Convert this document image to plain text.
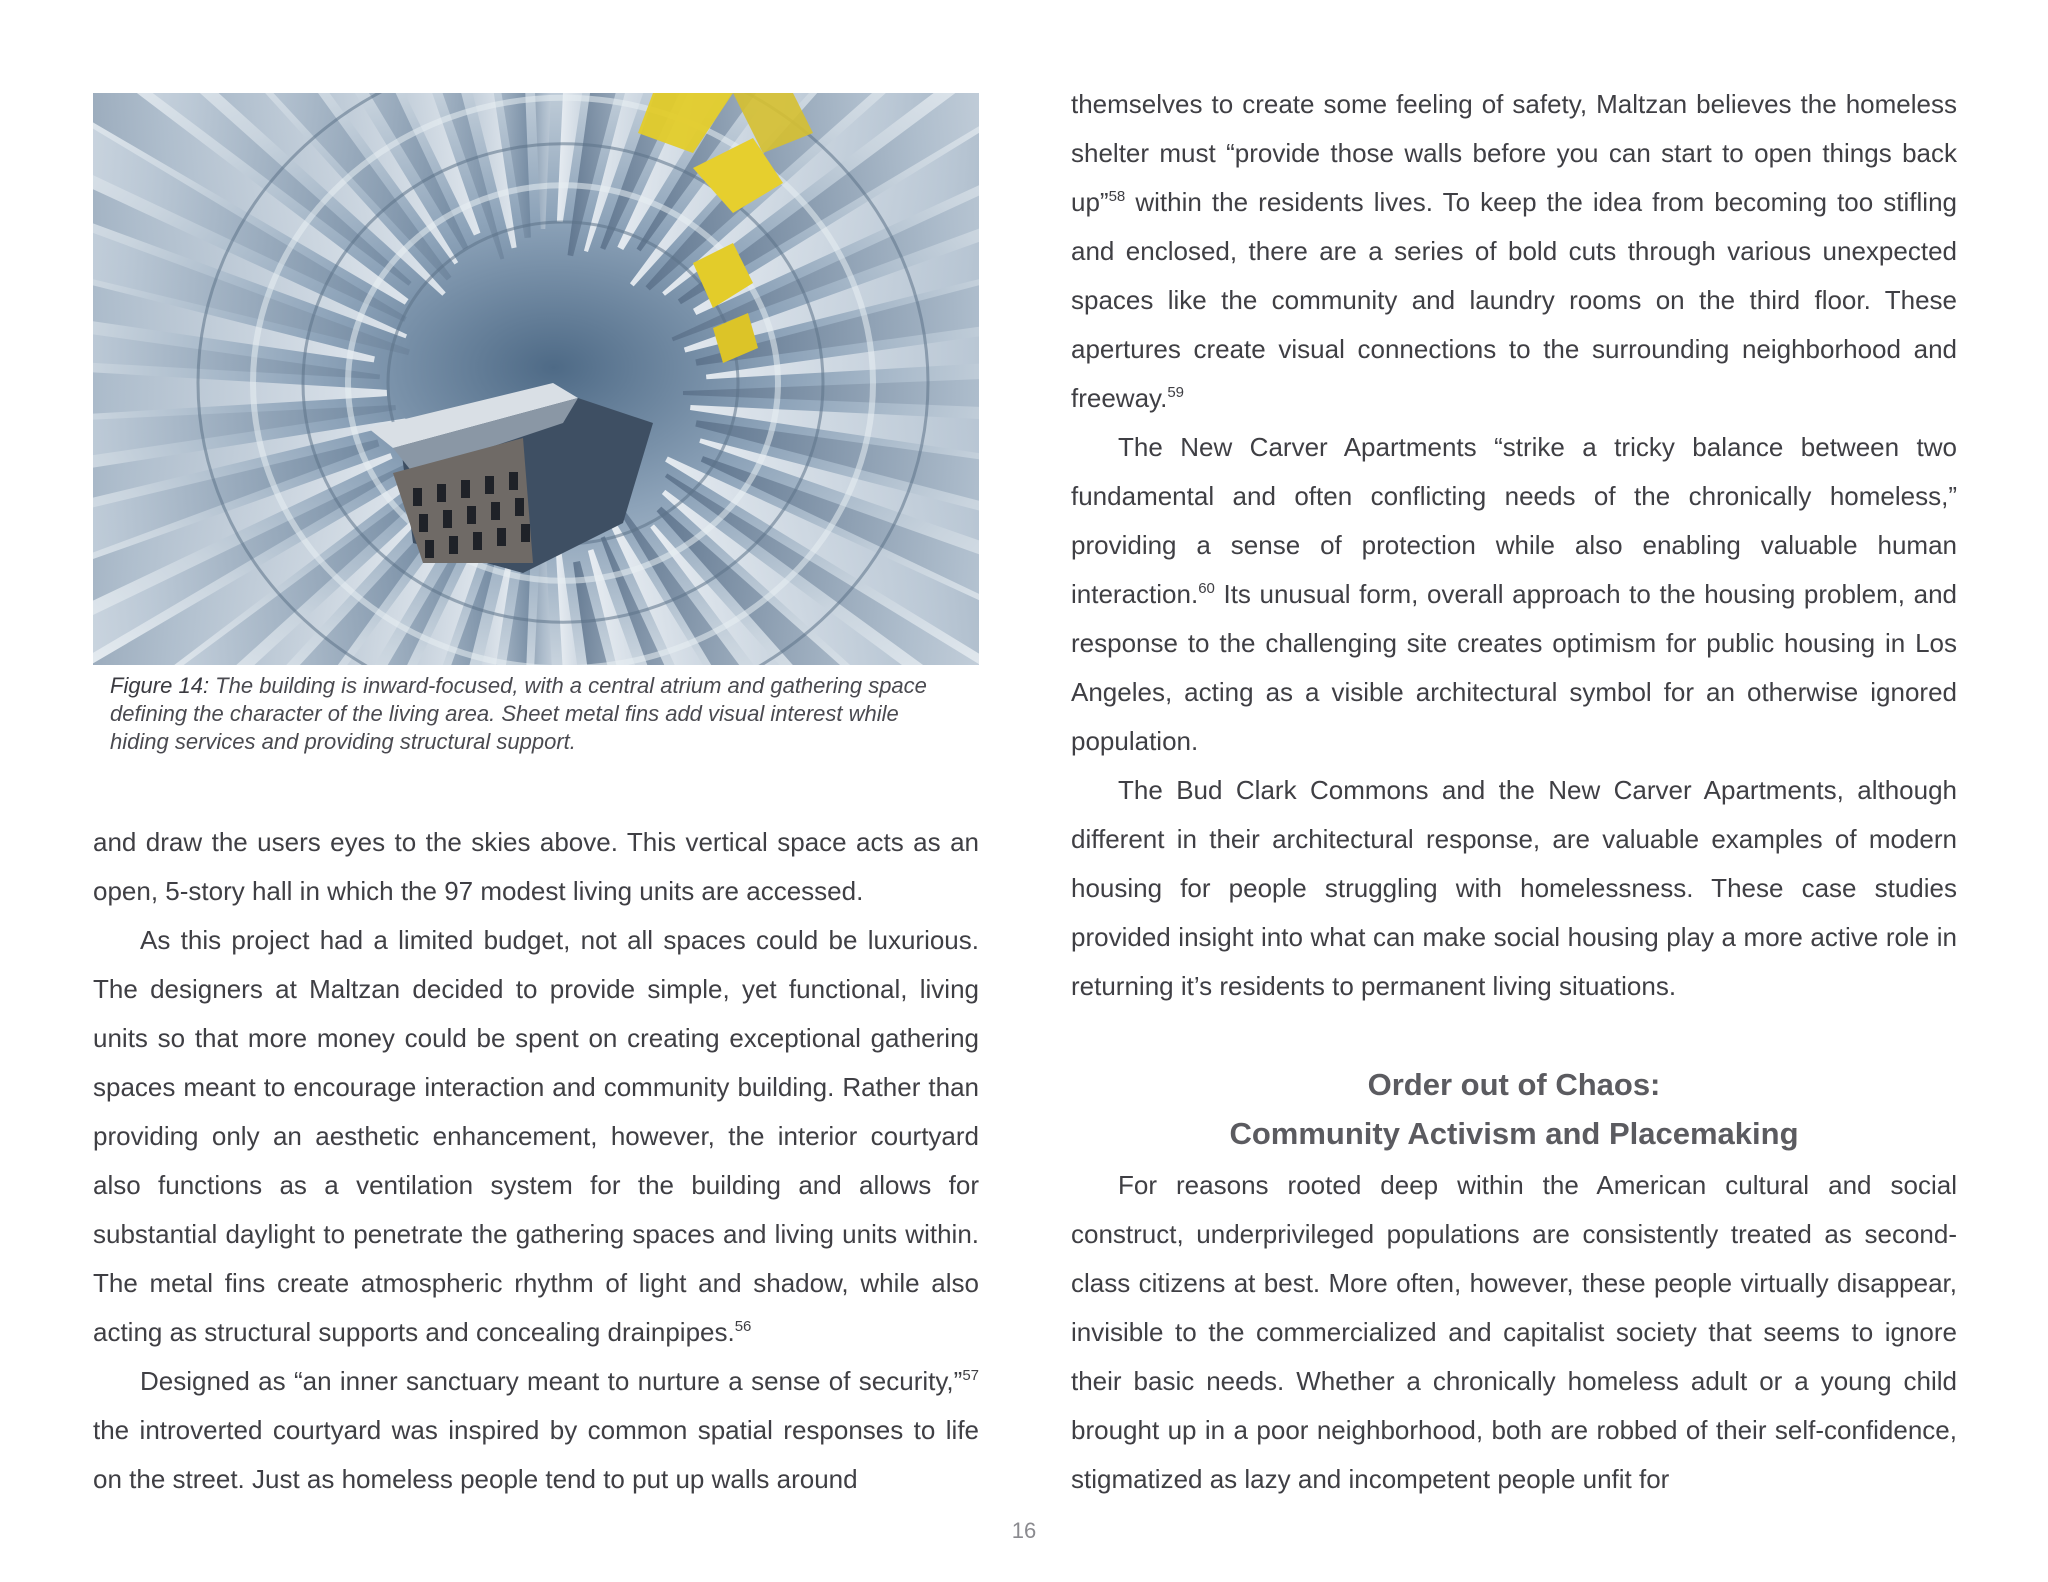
Figure 14: The building is inward-focused, with a central atrium and gathering space defining the character of the living area. Sheet metal fins add visual interest while hiding services and providing structural support.

and draw the users eyes to the skies above. This vertical space acts as an open, 5-story hall in which the 97 modest living units are accessed.

As this project had a limited budget, not all spaces could be luxurious. The designers at Maltzan decided to provide simple, yet functional, living units so that more money could be spent on creating exceptional gathering spaces meant to encourage interaction and community building. Rather than providing only an aesthetic enhancement, however, the interior courtyard also functions as a ventilation system for the building and allows for substantial daylight to penetrate the gathering spaces and living units within. The metal fins create atmospheric rhythm of light and shadow, while also acting as structural supports and concealing drainpipes.$^{56}$

Designed as “an inner sanctuary meant to nurture a sense of security,”$^{57}$ the introverted courtyard was inspired by common spatial responses to life on the street. Just as homeless people tend to put up walls around

themselves to create some feeling of safety, Maltzan believes the homeless shelter must “provide those walls before you can start to open things back up”$^{58}$ within the residents lives. To keep the idea from becoming too stifling and enclosed, there are a series of bold cuts through various unexpected spaces like the community and laundry rooms on the third floor. These apertures create visual connections to the surrounding neighborhood and freeway.$^{59}$

The New Carver Apartments “strike a tricky balance between two fundamental and often conflicting needs of the chronically homeless,” providing a sense of protection while also enabling valuable human interaction.$^{60}$ Its unusual form, overall approach to the housing problem, and response to the challenging site creates optimism for public housing in Los Angeles, acting as a visible architectural symbol for an otherwise ignored population.

The Bud Clark Commons and the New Carver Apartments, although different in their architectural response, are valuable examples of modern housing for people struggling with homelessness. These case studies provided insight into what can make social housing play a more active role in returning it’s residents to permanent living situations.

Order out of Chaos:
Community Activism and Placemaking

For reasons rooted deep within the American cultural and social construct, underprivileged populations are consistently treated as second-class citizens at best. More often, however, these people virtually disappear, invisible to the commercialized and capitalist society that seems to ignore their basic needs. Whether a chronically homeless adult or a young child brought up in a poor neighborhood, both are robbed of their self-confidence, stigmatized as lazy and incompetent people unfit for

16
